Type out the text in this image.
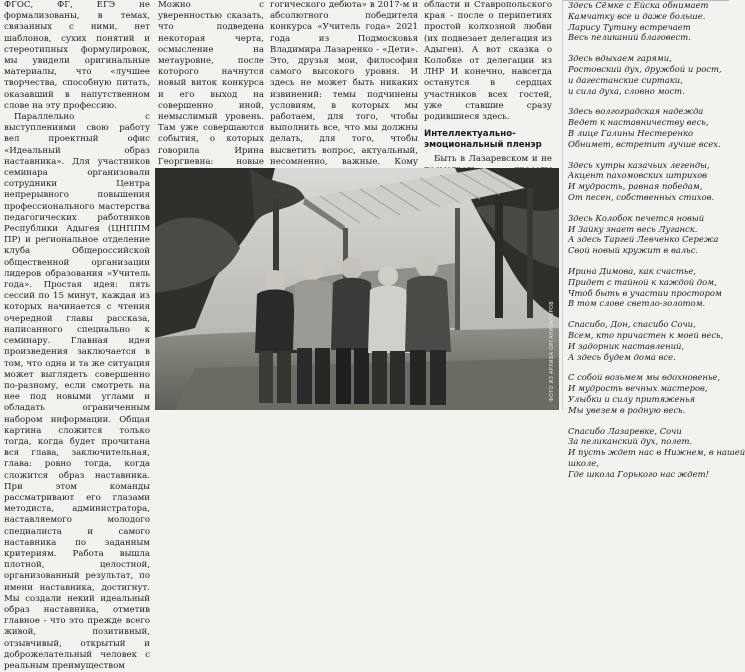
ФГОС, ФГ, ЕГЭ не формализованы, в темах, связанных с ними, нет шаблонов, сухих понятий и стереотипных формулировок, мы увидели оригинальные материалы, что «лучшее творчества, способную питать, оказавший в напутственном слове на эту профессию.

Параллельно с выступлениями свою работу вел проектный офис «Идеальный образ наставника». Для участников семинара организовали сотрудники Центра непрерывного повышения профессионального мастерства педагогических работников Республики Адыгея (ЦНППМ ПР) и региональное отделение клуба Общероссийской общественной организации лидеров образования «Учитель года». Простая идея: пять сессий по 15 минут, каждая из которых начинается с чтения очередной главы рассказа, написанного специально к семинару. Главная идея произведения заключается в том, что одна и та же ситуация может выглядеть совершенно по-разному, если смотреть на нее под новыми углами и обладать ограниченным набором информации. Общая картина сложится только тогда, когда будет прочитана вся глава, заключительная, глава: ровно тогда, когда сложится образ наставника. При этом команды рассматривают его глазами методиста, администратора, наставляемого молодого специалиста и самого наставника по заданным критериям. Работа вышла плотной, целостной, организованный результат, по имени наставника, достигнут. Мы создали некий идеальный образ наставника, отметив главное - что это прежде всего живой, позитивный, отзывчивый, открытый и доброжелательный человек с реальным преимуществом

Можно с уверенностью сказать, что подведена некоторая черта, осмысление на метауровне, после которого начнутся новый виток конкурса и его выход на совершенно иной, немыслимый уровень. Там уже совершаются события, о которых говорила Ирина Георгиевна: новые

гогического дебюта» в 2017-м и абсолютного победителя конкурса «Учитель года» 2021 года из Подмосковья Владимира Лазаренко - «Дети». Это, друзья мои, философия самого высокого уровня. И здесь не может быть никаких извинений: темы подчинены условиям, в которых мы работаем, для того, чтобы выполнить все, что мы должны делать, для того, чтобы высветить вопрос, актуальный, несомненно, важные. Кому

области и Ставропольского края - после о перипетиях простой колхозной любви (их подвезает делегация из Адыгеи). А вот сказка о Колобке от делегации из ЛНР И конечно, навсегда останутся в сердцах участников всех гостей, уже ставшие сразу родившиеся здесь.

Интеллектуально-эмоциональный пленэр

Быть в Лазаревском и не

Здесь Сёмке с Ейска обнимает
Камчатку все и даже больше.
Ларису Тутину встречает
Весь пеликаний благовест.
Здесь вдыхаем гарями,
Ростовский дух, дружбой и рост,
и дагестанские сиртаки,
и сила духа, словно мост.
Здесь волгоградская надежда
Ведет к наставничеству весь,
В лице Галины Нестеренко
Обнимет, встретит лучше всех.
Здесь хутры казачьих легенды,
Акцент пахомовских штрихов
И мудрость, равная победам,
От песен, собственных стихов.
Здесь Колобок печется новый
И Зайку знает весь Луганск.
А здесь Таргей Левченко Сережа
Свой новый кружит в вальс.
Ирина Димова, как счастье,
Придет с тайной к каждой дом,
Чтоб быть в участии простором
В том слове светло-золотом.
Спасибо, Дон, спасибо Сочи,
Всем, кто причастен к моей весь,
И задорник наставлений,
А здесь будем дома все.
С собой возьмем мы вдохновенье,
И мудрость вечных мастеров,
Улыбки и силу притяженья
Мы увезем в родную весь.
Спасибо Лазаревке, Сочи
За пеликанский дух, полет.
И пусть ждет нас в Нижнем, в нашей
школе,
Где школа Горького нас ждет!
ФОТО ИЗ АРХИВА ОРГАНИЗАТОРОВ
